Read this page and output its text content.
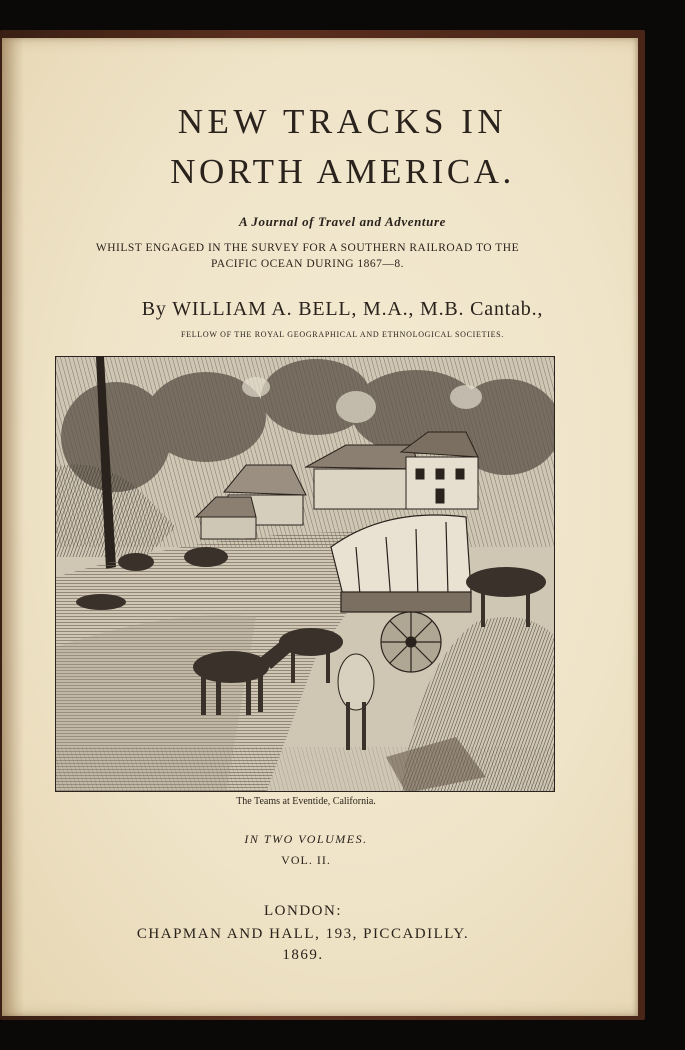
NEW TRACKS IN
NORTH AMERICA.
A Journal of Travel and Adventure
WHILST ENGAGED IN THE SURVEY FOR A SOUTHERN RAILROAD TO THE
PACIFIC OCEAN DURING 1867—8.
By WILLIAM A. BELL, M.A., M.B. Cantab.,
FELLOW OF THE ROYAL GEOGRAPHICAL AND ETHNOLOGICAL SOCIETIES.
The Teams at Eventide, California.
IN TWO VOLUMES.
VOL. II.
LONDON:
CHAPMAN AND HALL, 193, PICCADILLY.
1869.
